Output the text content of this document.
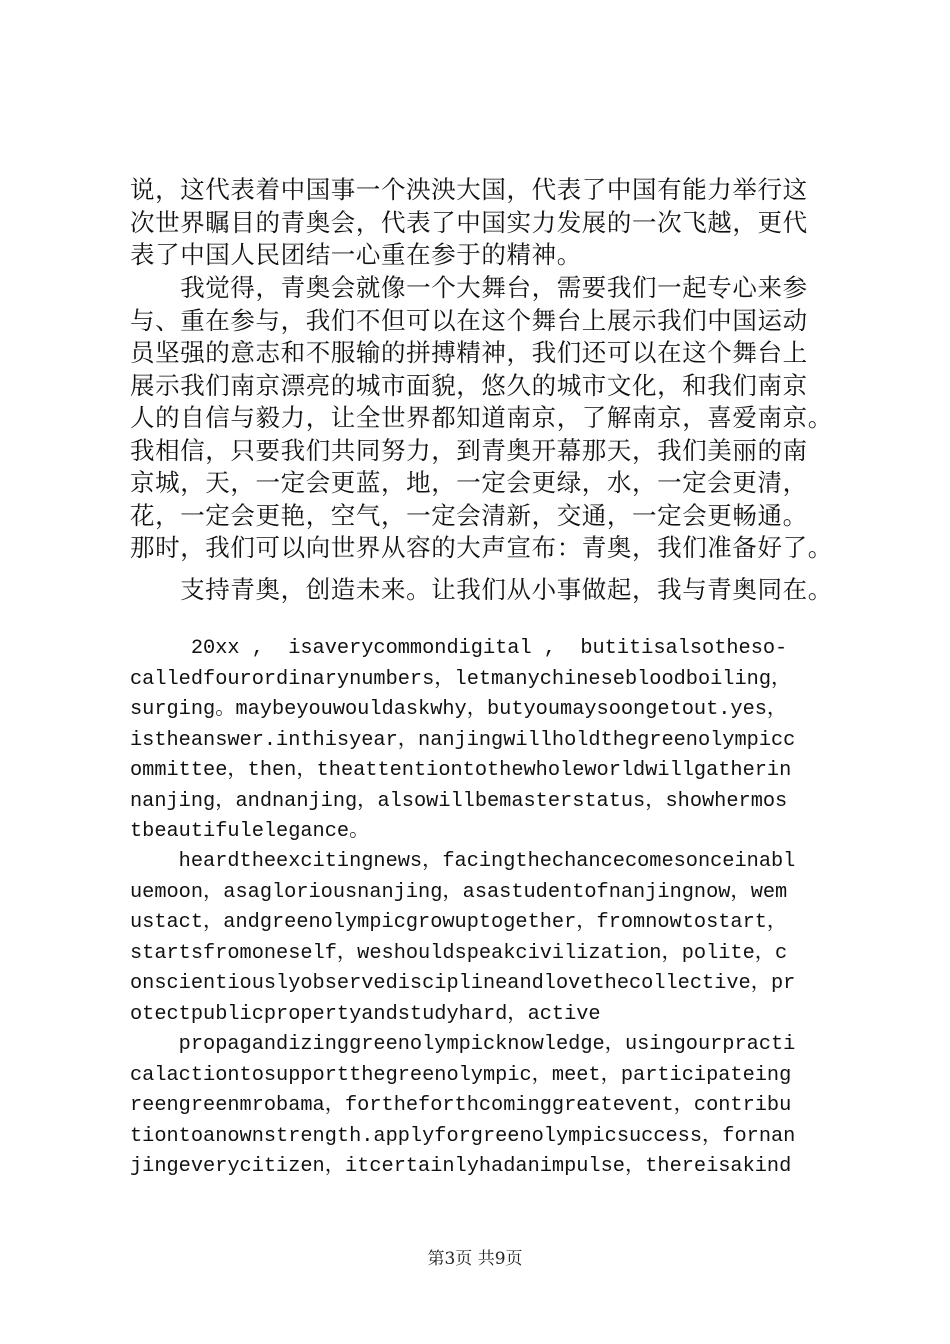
说，这代表着中国事一个泱泱大国，代表了中国有能力举行这
次世界瞩目的青奥会，代表了中国实力发展的一次飞越，更代
表了中国人民团结一心重在参于的精神。
　　我觉得，青奥会就像一个大舞台，需要我们一起专心来参
与、重在参与，我们不但可以在这个舞台上展示我们中国运动
员坚强的意志和不服输的拼搏精神，我们还可以在这个舞台上
展示我们南京漂亮的城市面貌，悠久的城市文化，和我们南京
人的自信与毅力，让全世界都知道南京，了解南京，喜爱南京。
我相信，只要我们共同努力，到青奥开幕那天，我们美丽的南
京城，天，一定会更蓝，地，一定会更绿，水，一定会更清，
花，一定会更艳，空气，一定会清新，交通，一定会更畅通。
那时，我们可以向世界从容的大声宣布：青奥，我们准备好了。
　　支持青奥，创造未来。让我们从小事做起，我与青奥同在。
20xx ,  isaverycommondigital ,  butitisalsotheso-
calledfourordinarynumbers，letmanychinesebloodboiling，
surging。maybeyouwouldaskwhy，butyoumaysoongetout.yes，
istheanswer.inthisyear，nanjingwillholdthegreenolympicc
ommittee，then，theattentiontothewholeworldwillgatherin
nanjing，andnanjing，alsowillbemasterstatus，showhermos
tbeautifulelegance。
heardtheexcitingnews，facingthechancecomesonceinabl
uemoon，asagloriousnanjing，asastudentofnanjingnow，wem
ustact，andgreenolympicgrowuptogether，fromnowtostart，
startsfromoneself，weshouldspeakcivilization，polite，c
onscientiouslyobservedisciplineandlovethecollective，pr
otectpublicpropertyandstudyhard，active
propagandizinggreenolympicknowledge，usingourpracti
calactiontosupportthegreenolympic，meet，participateing
reengreenmrobama，fortheforthcominggreatevent，contribu
tiontoanownstrength.applyforgreenolympicsuccess，fornan
jingeverycitizen，itcertainlyhadanimpulse，thereisakind
第3页 共9页
